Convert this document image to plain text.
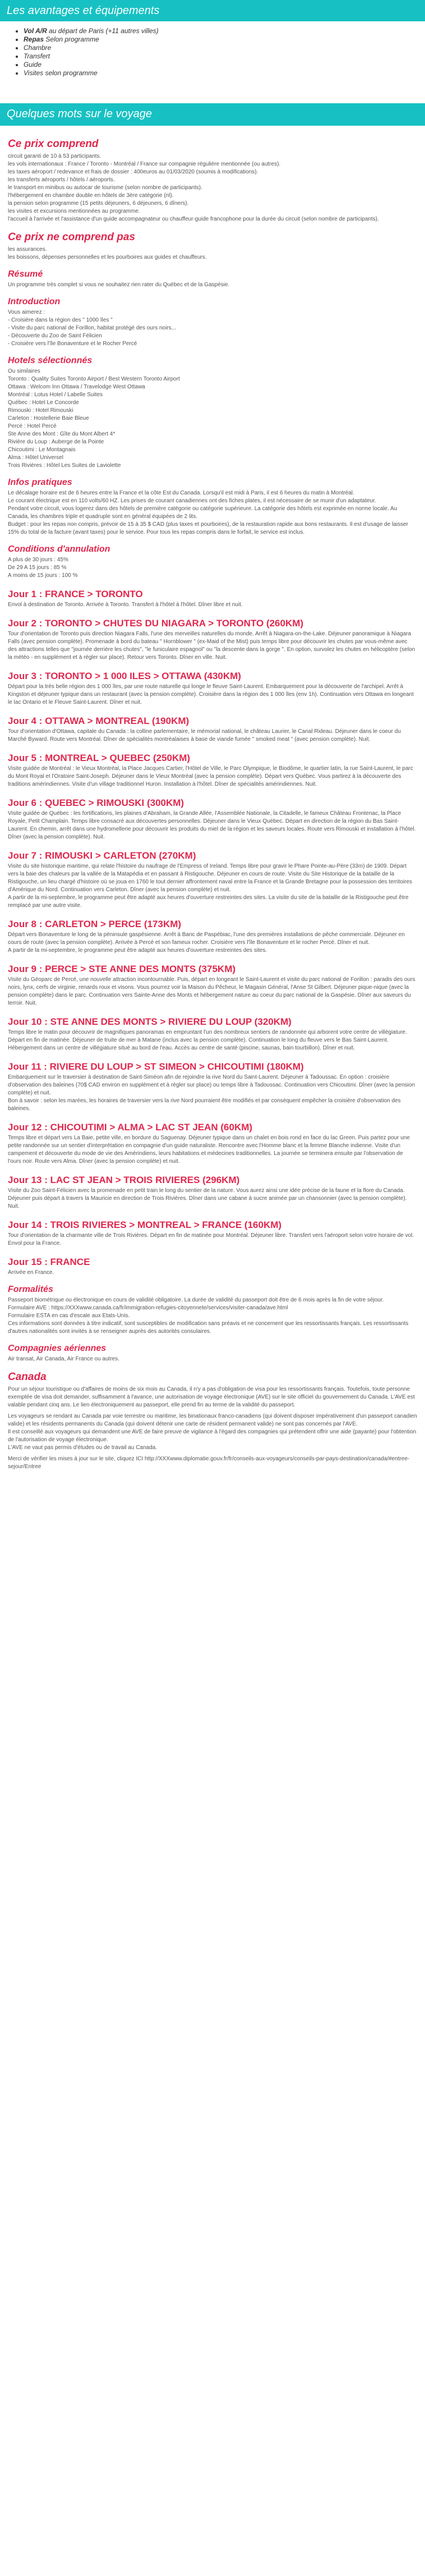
Les avantages et équipements
• Vol A/R au départ de Paris (+11 autres villes)
• Repas Selon programme
• Chambre
• Transfert
• Guide
• Visites selon programme
Quelques mots sur le voyage
Ce prix comprend

circuit garanti de 10 à 53 participants.

les vols internationaux : France / Toronto - Montréal / France sur compagnie régulière mentionnée (ou autres).

les taxes aéroport / redevance et frais de dossier : 400euros au 01/03/2020 (soumis à modifications).

les transferts aéroports / hôtels / aéroports.

le transport en minibus ou autocar de tourisme (selon nombre de participants).

l'hébergement en chambre double en hôtels de 3ère catégorie (nl).

la pension selon programme (15 petits déjeuners, 6 déjeuners, 6 dîners).

les visites et excursions mentionnées au programme.

l'accueil à l'arrivée et l'assistance d'un guide accompagnateur ou chauffeur-guide francophone pour la durée du circuit (selon nombre de participants).

Ce prix ne comprend pas

les assurances.

les boissons, dépenses personnelles et les pourboires aux guides et chauffeurs.

Résumé

Un programme très complet si vous ne souhaitez rien rater du Québec et de la Gaspésie.

Introduction

Vous aimerez :

- Croisière dans la région des " 1000 îles "

- Visite du parc national de Forillon, habitat protégé des ours noirs...

- Découverte du Zoo de Saint Félicien

- Croisière vers l'île Bonaventure et le Rocher Percé

Hotels sélectionnés

Ou similaires

Toronto : Quality Suites Toronto Airport / Best Western Toronto Airport

Ottawa : Welcom Inn Ottawa / Travelodge West Ottawa

Montréal : Lotus Hotel / Labelle Suites

Québec : Hotel Le Concorde

Rimouski : Hotel Rimouski

Carleton : Hostellerie Baie Bleue

Percé : Hotel Percé

Ste Anne des Mont : Gîte du Mont Albert 4*

Rivière du Loup : Auberge de la Pointe

Chicoutimi : Le Montagnais

Alma : Hôtel Universel

Trois Rivières : Hôtel Les Suites de Laviolette

Infos pratiques

Le décalage horaire est de 6 heures entre la France et la côte Est du Canada. Lorsqu'il est midi à Paris, il est 6 heures du matin à Montréal.

Le courant électrique est en 110 volts/60 HZ. Les prises de courant canadiennes ont des fiches plates, il est nécessaire de se munir d'un adaptateur.

Pendant votre circuit, vous logerez dans des hôtels de première catégorie ou catégorie supérieure. La catégorie des hôtels est exprimée en norme locale. Au Canada, les chambres triple et quadruple sont en général équipées de 2 lits.

Budget : pour les repas non compris, prévoir de 15 à 35 $ CAD (plus taxes et pourboires), de la restauration rapide aux bons restaurants. Il est d'usage de laisser 15% du total de la facture (avant taxes) pour le service. Pour tous les repas compris dans le forfait, le service est inclus.

Conditions d'annulation

A plus de 30 jours : 45%

De 29 A 15 jours : 85 %

A moins de 15 jours : 100 %

Jour 1 : FRANCE > TORONTO

Envol à destination de Toronto. Arrivée à Toronto. Transfert à l'hôtel à l'hôtel. Dîner libre et nuit.

Jour 2 : TORONTO > CHUTES DU NIAGARA > TORONTO (260KM)

Tour d'orientation de Toronto puis direction Niagara Falls, l'une des merveilles naturelles du monde. Arrêt à Niagara-on-the-Lake. Déjeuner panoramique à Niagara Falls (avec pension complète). Promenade à bord du bateau " Hornblower " (ex-Maid of the Mist) puis temps libre pour découvrir les chutes par vous-même avec des attractions telles que "journée derrière les chutes", "le funiculaire espagnol" ou "la descente dans la gorge ". En option, survolez les chutes en hélicoptère (selon la météo - en supplément et à régler sur place). Retour vers Toronto. Dîner en ville. Nuit.

Jour 3 : TORONTO > 1 000 ILES > OTTAWA (430KM)

Départ pour la très belle région des 1 000 îles, par une route naturelle qui longe le fleuve Saint-Laurent. Embarquement pour la découverte de l'archipel. Arrêt à Kingston et déjeuner typique dans un restaurant (avec la pension complète). Croisière dans la région des 1 000 îles (env 1h). Continuation vers Ottawa en longeant le lac Ontario et le Fleuve Saint-Laurent. Dîner et nuit.

Jour 4 : OTTAWA > MONTREAL (190KM)

Tour d'orientation d'Ottawa, capitale du Canada : la colline parlementaire, le mémorial national, le château Laurier, le Canal Rideau. Déjeuner dans le coeur du Marché Byward. Route vers Montréal. Dîner de spécialités montréalaises à base de viande fumée " smoked meat " (avec pension complète). Nuit.

Jour 5 : MONTREAL > QUEBEC (250KM)

Visite guidée de Montréal : le Vieux Montréal, la Place Jacques Cartier, l'Hôtel de Ville, le Parc Olympique, le Biodôme, le quartier latin, la rue Saint-Laurent, le parc du Mont Royal et l'Oratoire Saint-Joseph. Déjeuner dans le Vieux Montréal (avec la pension complète). Départ vers Québec. Vous partirez à la découverte des traditions amérindiennes. Visite d'un village traditionnel Huron. Installation à l'hôtel. Dîner de spécialités amérindiennes. Nuit.

Jour 6 : QUEBEC > RIMOUSKI (300KM)

Visite guidée de Québec : les fortifications, les plaines d'Abraham, la Grande Allée, l'Assemblée Nationale, la Citadelle, le fameux Château Frontenac, la Place Royale, Petit Champlain. Temps libre consacré aux découvertes personnelles. Déjeuner dans le Vieux Québec. Départ en direction de la région du Bas Saint-Laurent. En chemin, arrêt dans une hydromellerie pour découvrir les produits du miel de la région et les saveurs locales. Route vers Rimouski et installation à l'hôtel. Dîner (avec la pension complète). Nuit.

Jour 7 : RIMOUSKI > CARLETON (270KM)

Visite du site historique maritime, qui relate l'histoire du naufrage de l'Empress of Ireland. Temps libre pour gravir le Phare Pointe-au-Père (33m) de 1909. Départ vers la baie des chaleurs par la vallée de la Matapédia et en passant à Ristigouche. Déjeuner en cours de route. Visite du Site Historique de la bataille de la Ristigouche, un lieu chargé d'histoire où se joua en 1760 le tout dernier affrontement naval entre la France et la Grande Bretagne pour la possession des territoires d'Amérique du Nord. Continuation vers Carleton. Dîner (avec la pension complète) et nuit.

A partir de la mi-septembre, le programme peut être adapté aux heures d'ouverture restreintes des sites. La visite du site de la bataille de la Ristigouche peut être remplacé par une autre visite.

Jour 8 : CARLETON > PERCE (173KM)

Départ vers Bonaventure le long de la péninsule gaspésienne. Arrêt à Banc de Paspébiac, l'une des premières installations de pêche commerciale. Déjeuner en cours de route (avec la pension complète). Arrivée à Percé et son fameux rocher. Croisière vers l'île Bonaventure et le rocher Percé. Dîner et nuit.

A partir de la mi-septembre, le programme peut être adapté aux heures d'ouverture restreintes des sites.

Jour 9 : PERCE > STE ANNE DES MONTS (375KM)

Visite du Géoparc de Percé, une nouvelle attraction incontournable. Puis, départ en longeant le Saint-Laurent et visite du parc national de Forillon : paradis des ours noirs, lynx, cerfs de virginie, renards roux et visons. Vous pourrez voir la Maison du Pêcheur, le Magasin Général, l'Anse St Gilbert. Déjeuner pique-nique (avec la pension complète) dans le parc. Continuation vers Sainte-Anne des Monts et hébergement nature au coeur du parc national de la Gaspésie. Dîner aux saveurs du terroir. Nuit.

Jour 10 : STE ANNE DES MONTS > RIVIERE DU LOUP (320KM)

Temps libre le matin pour découvrir de magnifiques panoramas en empruntant l'un des nombreux sentiers de randonnée qui arborent votre centre de villégiature. Départ en fin de matinée. Déjeuner de truite de mer à Matane (inclus avec la pension complète). Continuation le long du fleuve vers le Bas Saint-Laurent. Hébergement dans un centre de villégiature situé au bord de l'eau. Accès au centre de santé (piscine, saunas, bain tourbillon). Dîner et nuit.

Jour 11 : RIVIERE DU LOUP > ST SIMEON > CHICOUTIMI (180KM)

Embarquement sur le traversier à destination de Saint-Siméon afin de rejoindre la rive Nord du Saint-Laurent. Déjeuner à Tadoussac. En option : croisière d'observation des baleines (70$ CAD environ en supplément et à régler sur place) ou temps libre à Tadoussac. Continuation vers Chicoutimi. Dîner (avec la pension complète) et nuit.

Bon à savoir : selon les marées, les horaires de traversier vers la rive Nord pourraient être modifiés et par conséquent empêcher la croisière d'observation des baleines.

Jour 12 : CHICOUTIMI > ALMA > LAC ST JEAN (60KM)

Temps libre et départ vers La Baie, petite ville, en bordure du Saguenay. Déjeuner typique dans un chalet en bois rond en face du lac Green. Puis partez pour une petite randonnée sur un sentier d'interprétation en compagnie d'un guide naturaliste. Rencontre avec l'Homme blanc et la femme Blanche indienne. Visite d'un campement et découverte du mode de vie des Amérindiens, leurs habitations et médecines traditionnelles. La journée se terminera ensuite par l'observation de l'ours noir. Route vers Alma. Dîner (avec la pension complète) et nuit.

Jour 13 : LAC ST JEAN > TROIS RIVIERES (296KM)

Visite du Zoo Saint-Félicien avec la promenade en petit train le long du sentier de la nature. Vous aurez ainsi une idée précise de la faune et la flore du Canada. Déjeuner puis départ à travers la Mauricie en direction de Trois Rivières. Dîner dans une cabane à sucre animée par un chansonnier (avec la pension complète). Nuit.

Jour 14 : TROIS RIVIERES > MONTREAL > FRANCE (160KM)

Tour d'orientation de la charmante ville de Trois Rivières. Départ en fin de matinée pour Montréal. Déjeuner libre. Transfert vers l'aéroport selon votre horaire de vol. Envol pour la France.

Jour 15 : FRANCE

Arrivée en France.

Formalités

Passeport biométrique ou électronique en cours de validité obligatoire. La durée de validité du passeport doit être de 6 mois après la fin de votre séjour.

Formulaire AVE : https://XXXwww.canada.ca/fr/immigration-refugies-citoyennete/services/visiter-canada/ave.html

Formulaire ESTA en cas d'escale aux Etats-Unis.

Ces informations sont données à titre indicatif, sont susceptibles de modification sans préavis et ne concernent que les ressortissants français. Les ressortissants d'autres nationalités sont invités à se renseigner auprès des autorités consulaires.

Compagnies aériennes

Air transat, Air Canada, Air France ou autres.

Canada

Pour un séjour touristique ou d'affaires de moins de six mois au Canada, il n'y a pas d'obligation de visa pour les ressortissants français. Toutefois, toute personne exemptée de visa doit demander, suffisamment à l'avance, une autorisation de voyage électronique (AVE) sur le site officiel du gouvernement du Canada. L'AVE est valable pendant cinq ans. Le lien électroniquement au passeport, elle prend fin au terme de la validité du passeport.

Les voyageurs se rendant au Canada par voie terrestre ou maritime, les binationaux franco-canadiens (qui doivent disposer impérativement d'un passeport canadien valide) et les résidents permanents du Canada (qui doivent détenir une carte de résident permanent valide) ne sont pas concernés par l'AVE.

Il est conseillé aux voyageurs qui demandent une AVE de faire preuve de vigilance à l'égard des compagnies qui prétendent offrir une aide (payante) pour l'obtention de l'autorisation de voyage électronique.

L'AVE ne vaut pas permis d'études ou de travail au Canada.

Merci de vérifier les mises à jour sur le site, cliquez ICI http://XXXwww.diplomatie.gouv.fr/fr/conseils-aux-voyageurs/conseils-par-pays-destination/canada/#entree-sejour/Entree
